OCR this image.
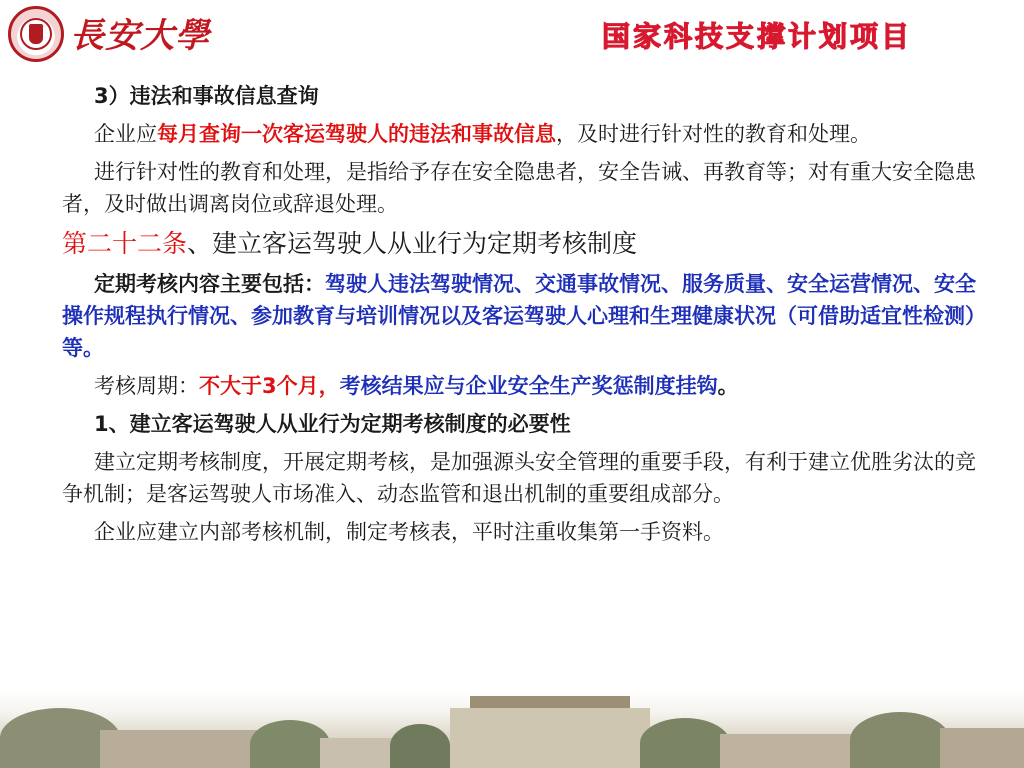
長安大學	国家科技支撑计划项目

3）违法和事故信息查询

企业应每月查询一次客运驾驶人的违法和事故信息，及时进行针对性的教育和处理。

进行针对性的教育和处理，是指给予存在安全隐患者，安全告诫、再教育等；对有重大安全隐患者，及时做出调离岗位或辞退处理。

第二十二条、建立客运驾驶人从业行为定期考核制度

定期考核内容主要包括：驾驶人违法驾驶情况、交通事故情况、服务质量、安全运营情况、安全操作规程执行情况、参加教育与培训情况以及客运驾驶人心理和生理健康状况（可借助适宜性检测）等。

考核周期：不大于3个月，考核结果应与企业安全生产奖惩制度挂钩。

1、建立客运驾驶人从业行为定期考核制度的必要性

建立定期考核制度，开展定期考核，是加强源头安全管理的重要手段，有利于建立优胜劣汰的竞争机制；是客运驾驶人市场准入、动态监管和退出机制的重要组成部分。

企业应建立内部考核机制，制定考核表，平时注重收集第一手资料。
